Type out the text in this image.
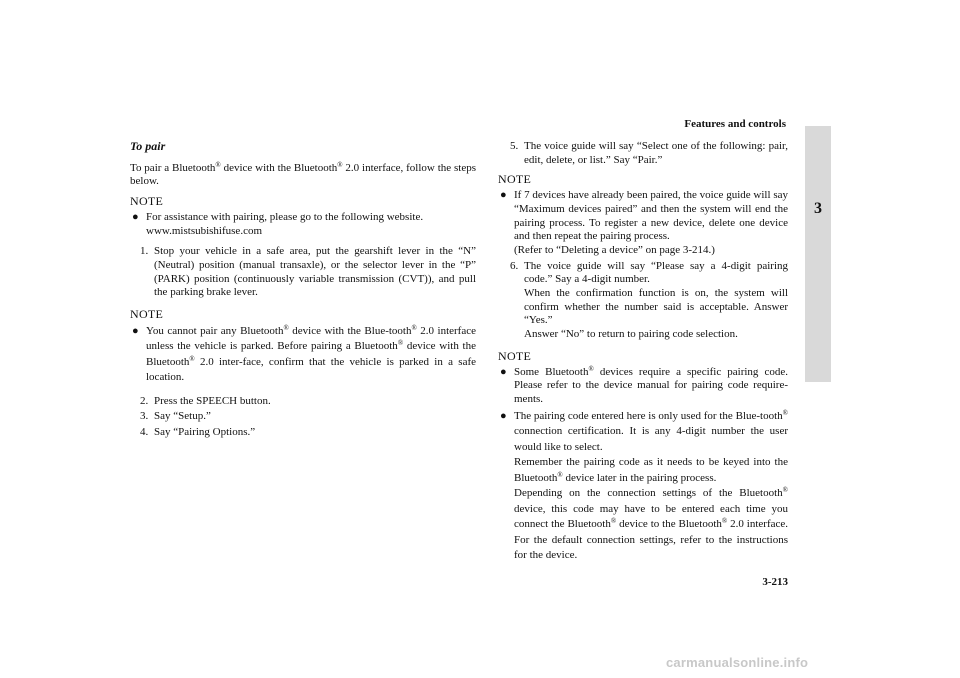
Features and controls
3
To pair

To pair a Bluetooth® device with the Bluetooth® 2.0 interface, follow the steps below.

NOTE
● For assistance with pairing, please go to the following website.
www.mistsubishifuse.com
1. Stop your vehicle in a safe area, put the gearshift lever in the “N” (Neutral) position (manual transaxle), or the selector lever in the “P” (PARK) position (continuously variable transmission (CVT)), and pull the parking brake lever.
NOTE
● You cannot pair any Bluetooth® device with the Blue-tooth® 2.0 interface unless the vehicle is parked. Before pairing a Bluetooth® device with the Bluetooth® 2.0 inter-face, confirm that the vehicle is parked in a safe location.
2. Press the SPEECH button.
3. Say “Setup.”
4. Say “Pairing Options.”
5. The voice guide will say “Select one of the following: pair, edit, delete, or list.” Say “Pair.”
NOTE
● If 7 devices have already been paired, the voice guide will say “Maximum devices paired” and then the system will end the pairing process. To register a new device, delete one device and then repeat the pairing process.
(Refer to “Deleting a device” on page 3-214.)
6. The voice guide will say “Please say a 4-digit pairing code.” Say a 4-digit number.
When the confirmation function is on, the system will confirm whether the number said is acceptable. Answer “Yes.”
Answer “No” to return to pairing code selection.
NOTE
● Some Bluetooth® devices require a specific pairing code. Please refer to the device manual for pairing code require-ments.
● The pairing code entered here is only used for the Blue-tooth® connection certification. It is any 4-digit number the user would like to select.
Remember the pairing code as it needs to be keyed into the Bluetooth® device later in the pairing process.
Depending on the connection settings of the Bluetooth® device, this code may have to be entered each time you connect the Bluetooth® device to the Bluetooth® 2.0 interface. For the default connection settings, refer to the instructions for the device.
3-213
carmanualsonline.info
